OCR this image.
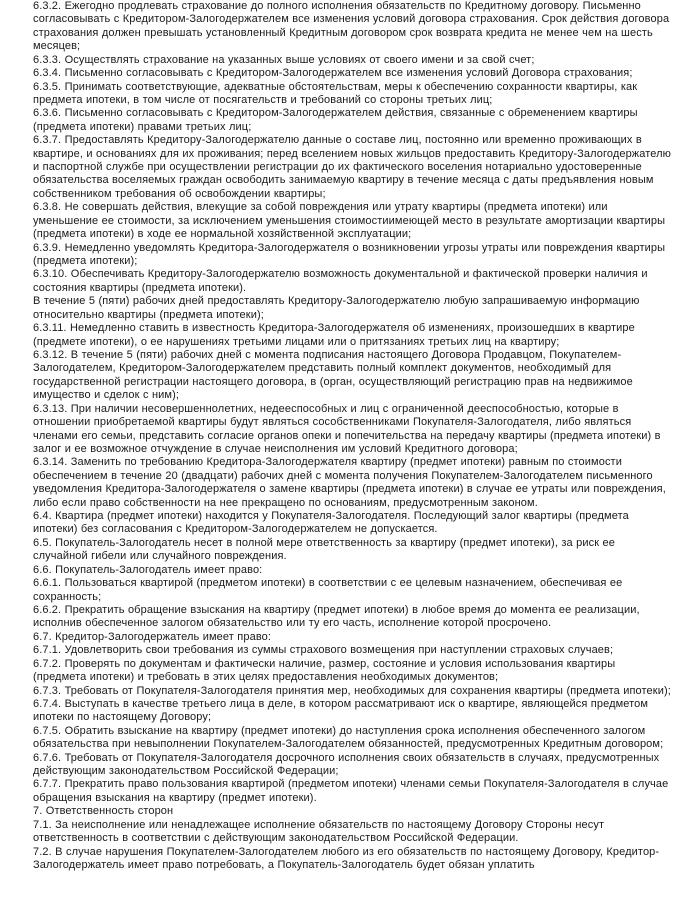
6.3.2. Ежегодно продлевать страхование до полного исполнения обязательств по Кредитному договору. Письменно согласовывать с Кредитором-Залогодержателем все изменения условий договора страхования. Срок действия договора страхования должен превышать установленный Кредитным договором срок возврата кредита не менее чем на шесть месяцев;

6.3.3. Осуществлять страхование на указанных выше условиях от своего имени и за свой счет;

6.3.4. Письменно согласовывать с Кредитором-Залогодержателем все изменения условий Договора страхования;

6.3.5. Принимать соответствующие, адекватные обстоятельствам, меры к обеспечению сохранности квартиры, как предмета ипотеки, в том числе от посягательств и требований со стороны третьих лиц;

6.3.6. Письменно согласовывать с Кредитором-Залогодержателем действия, связанные с обременением квартиры (предмета ипотеки) правами третьих лиц;

6.3.7. Предоставлять Кредитору-Залогодержателю данные о составе лиц, постоянно или временно проживающих в квартире, и основаниях для их проживания; перед вселением новых жильцов предоставить Кредитору-Залогодержателю и паспортной службе при осуществлении регистрации до их фактического воселения нотариально удостоверенные обязательства воселяемых граждан освободить занимаемую квартиру в течение месяца с даты предъявления новым собственником требования об освобождении квартиры;

6.3.8. Не совершать действия, влекущие за собой повреждения или утрату квартиры (предмета ипотеки) или уменьшение ее стоимости, за исключением уменьшения стоимостиимеющей место в результате амортизации квартиры (предмета ипотеки) в ходе ее нормальной хозяйственной эксплуатации;

6.3.9. Немедленно уведомлять Кредитора-Залогодержателя о возникновении угрозы утраты или повреждения квартиры (предмета ипотеки);

6.3.10. Обеспечивать Кредитору-Залогодержателю возможность документальной и фактической проверки наличия и состояния квартиры (предмета ипотеки).

В течение 5 (пяти) рабочих дней предоставлять Кредитору-Залогодержателю любую запрашиваемую информацию относительно квартиры (предмета ипотеки);

6.3.11. Немедленно ставить в известность Кредитора-Залогодержателя об изменениях, произошедших в квартире (предмете ипотеки), о ее нарушениях третьими лицами или о притязаниях третьих лиц на квартиру;

6.3.12. В течение 5 (пяти) рабочих дней с момента подписания настоящего Договора Продавцом, Покупателем-Залогодателем, Кредитором-Залогодержателем представить полный комплект документов, необходимый для государственной регистрации настоящего договора, в (орган, осуществляющий регистрацию прав на недвижимое имущество и сделок с ним);

6.3.13. При наличии несовершеннолетних, недееспособных и лиц с ограниченной дееспособностью, которые в отношении приобретаемой квартиры будут являться сособственниками Покупателя-Залогодателя, либо являться членами его семьи, представить согласие органов опеки и попечительства на передачу квартиры (предмета ипотеки) в залог и ее возможное отчуждение в случае неисполнения им условий Кредитного договора;

6.3.14. Заменить по требованию Кредитора-Залогодержателя квартиру (предмет ипотеки) равным по стоимости обеспечением в течение 20 (двадцати) рабочих дней с момента получения Покупателем-Залогодателем письменного уведомления Кредитора-Залогодержателя о замене квартиры (предмета ипотеки) в случае ее утраты или повреждения, либо если право собственности на нее прекращено по основаниям, предусмотренным законом.

6.4. Квартира (предмет ипотеки) находится у Покупателя-Залогодателя. Последующий залог квартиры (предмета ипотеки) без согласования с Кредитором-Залогодержателем не допускается.

6.5. Покупатель-Залогодатель несет в полной мере ответственность за квартиру (предмет ипотеки), за риск ее случайной гибели или случайного повреждения.

6.6. Покупатель-Залогодатель имеет право:

6.6.1. Пользоваться квартирой (предметом ипотеки) в соответствии с ее целевым назначением, обеспечивая ее сохранность;

6.6.2. Прекратить обращение взыскания на квартиру (предмет ипотеки) в любое время до момента ее реализации, исполнив обеспеченное залогом обязательство или ту его часть, исполнение которой просрочено.

6.7. Кредитор-Залогодержатель имеет право:

6.7.1. Удовлетворить свои требования из суммы страхового возмещения при наступлении страховых случаев;

6.7.2. Проверять по документам и фактически наличие, размер, состояние и условия использования квартиры (предмета ипотеки) и требовать в этих целях предоставления необходимых документов;

6.7.3. Требовать от Покупателя-Залогодателя принятия мер, необходимых для сохранения квартиры (предмета ипотеки);

6.7.4. Выступать в качестве третьего лица в деле, в котором рассматривают иск о квартире, являющейся предметом ипотеки по настоящему Договору;

6.7.5. Обратить взыскание на квартиру (предмет ипотеки) до наступления срока исполнения обеспеченного залогом обязательства при невыполнении Покупателем-Залогодателем обязанностей, предусмотренных Кредитным договором;

6.7.6. Требовать от Покупателя-Залогодателя досрочного исполнения своих обязательств в случаях, предусмотренных действующим законодательством Российской Федерации;

6.7.7. Прекратить право пользования квартирой (предметом ипотеки) членами семьи Покупателя-Залогодателя в случае обращения взыскания на квартиру (предмет ипотеки).

7. Ответственность сторон

7.1. За неисполнение или ненадлежащее исполнение обязательств по настоящему Договору Стороны несут ответственность в соответствии с действующим законодательством Российской Федерации.

7.2. В случае нарушения Покупателем-Залогодателем любого из его обязательств по настоящему Договору, Кредитор-Залогодержатель имеет право потребовать, а Покупатель-Залогодатель будет обязан уплатить
